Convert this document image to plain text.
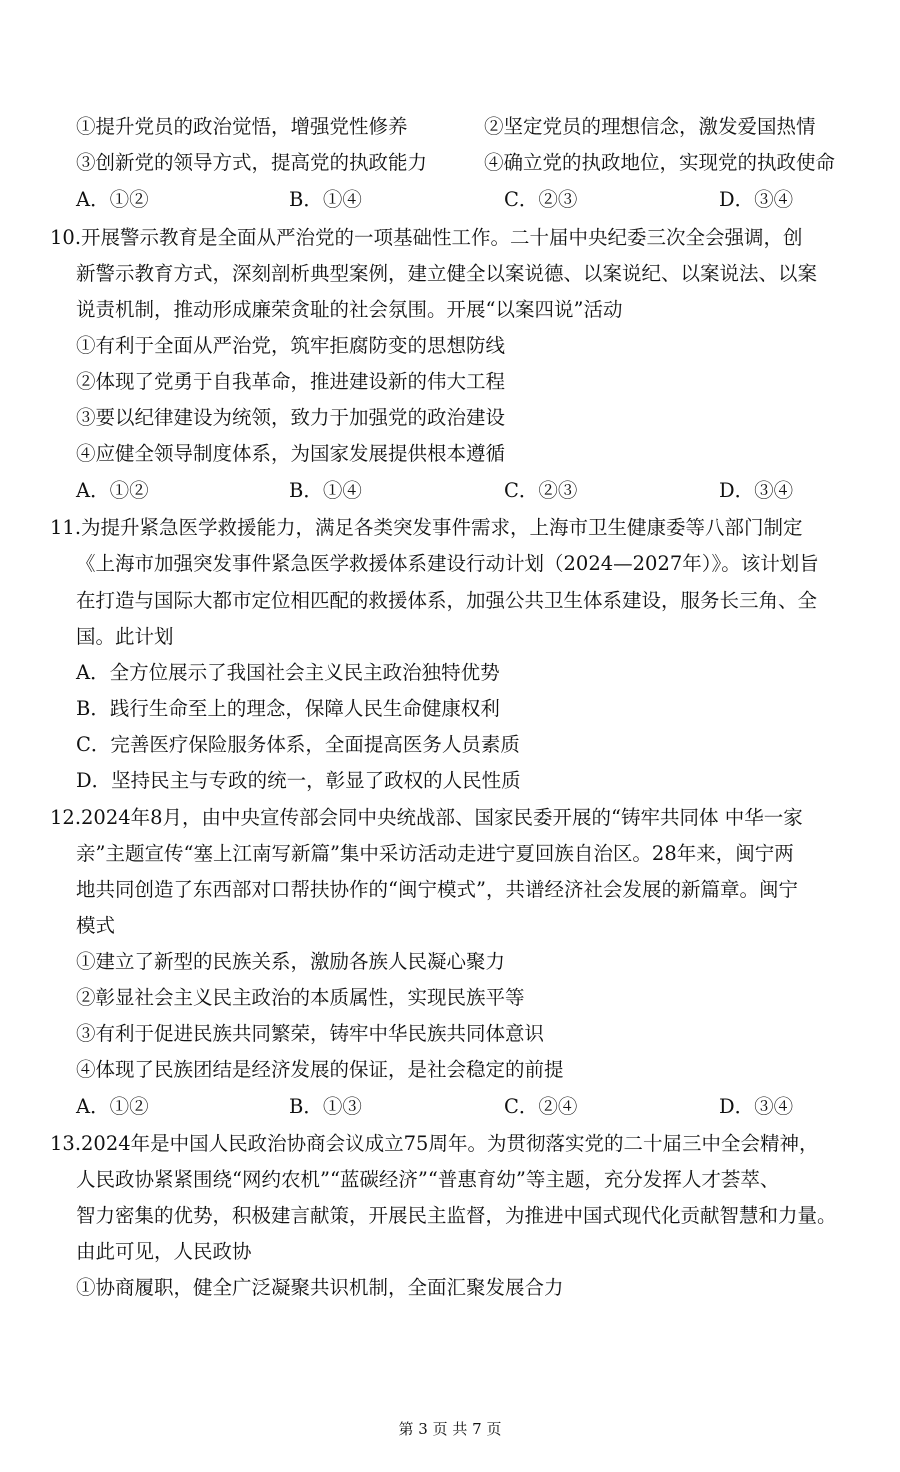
①提升党员的政治觉悟，增强党性修养	②坚定党员的理想信念，激发爱国热情
③创新党的领导方式，提高党的执政能力	④确立党的执政地位，实现党的执政使命
A．①②	B．①④	C．②③	D．③④
10.开展警示教育是全面从严治党的一项基础性工作。二十届中央纪委三次全会强调，创
新警示教育方式，深刻剖析典型案例，建立健全以案说德、以案说纪、以案说法、以案
说责机制，推动形成廉荣贪耻的社会氛围。开展“以案四说”活动
①有利于全面从严治党，筑牢拒腐防变的思想防线
②体现了党勇于自我革命，推进建设新的伟大工程
③要以纪律建设为统领，致力于加强党的政治建设
④应健全领导制度体系，为国家发展提供根本遵循
A．①②	B．①④	C．②③	D．③④
11.为提升紧急医学救援能力，满足各类突发事件需求，上海市卫生健康委等八部门制定
《上海市加强突发事件紧急医学救援体系建设行动计划（2024—2027年）》。该计划旨
在打造与国际大都市定位相匹配的救援体系，加强公共卫生体系建设，服务长三角、全
国。此计划
A．全方位展示了我国社会主义民主政治独特优势
B．践行生命至上的理念，保障人民生命健康权利
C．完善医疗保险服务体系，全面提高医务人员素质
D．坚持民主与专政的统一，彰显了政权的人民性质
12.2024年8月，由中央宣传部会同中央统战部、国家民委开展的“铸牢共同体 中华一家
亲”主题宣传“塞上江南写新篇”集中采访活动走进宁夏回族自治区。28年来，闽宁两
地共同创造了东西部对口帮扶协作的“闽宁模式”，共谱经济社会发展的新篇章。闽宁
模式
①建立了新型的民族关系，激励各族人民凝心聚力
②彰显社会主义民主政治的本质属性，实现民族平等
③有利于促进民族共同繁荣，铸牢中华民族共同体意识
④体现了民族团结是经济发展的保证，是社会稳定的前提
A．①②	B．①③	C．②④	D．③④
13.2024年是中国人民政治协商会议成立75周年。为贯彻落实党的二十届三中全会精神，
人民政协紧紧围绕“网约农机”“蓝碳经济”“普惠育幼”等主题，充分发挥人才荟萃、
智力密集的优势，积极建言献策，开展民主监督，为推进中国式现代化贡献智慧和力量。
由此可见，人民政协
①协商履职，健全广泛凝聚共识机制，全面汇聚发展合力
第 3 页 共 7 页
